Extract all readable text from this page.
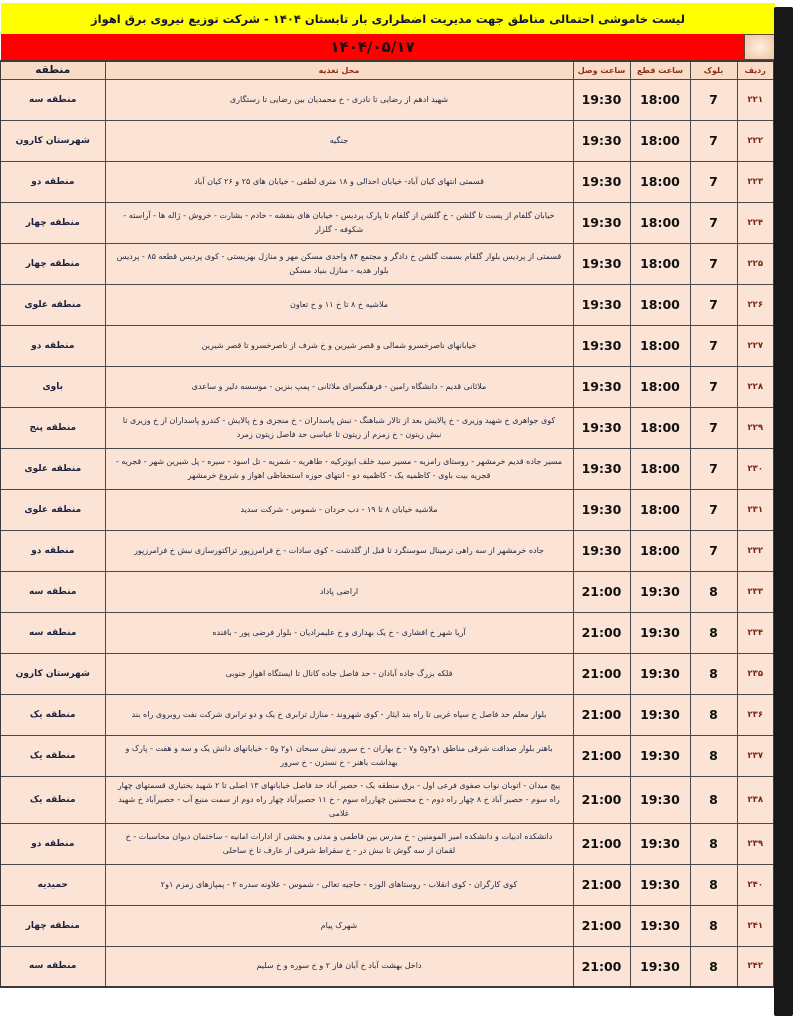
لیست خاموشی احتمالی مناطق جهت مدیریت اضطراری بار تابستان ۱۴۰۴ - شرکت توزیع نیروی برق اهواز
۱۴۰۴/۰۵/۱۷
ردیف	بلوک	ساعت قطع	ساعت وصل	محل تغذیه	منطقه
۲۲۱	7	18:00	19:30	شهید ادهم از رضایی تا نادری - خ محمدیان بین رضایی تا رستگاری	منطقه سه
۲۲۲	7	18:00	19:30	جنگیه	شهرستان کارون
۲۲۳	7	18:00	19:30	قسمتی انتهای کیان آباد- خیابان احدالی و ۱۸ متری لطفی - خیابان های ۲۵ و ۲۶ کیان آباد	منطقه دو
۲۲۴	7	18:00	19:30	خیابان گلفام از پست تا گلشن - خ گلشن از گلفام تا پارک پردیس - خیابان های بنفشه - خادم - بشارت - خروش - ژاله ها - آراسته - شکوفه - گلزار	منطقه چهار
۲۲۵	7	18:00	19:30	قسمتی از پردیس بلوار گلفام بسمت گلشن خ دادگر و مجتمع ۸۴ واحدی مسکن مهر و منازل بهزیستی - کوی پردیس قطعه ۸۵ - پردیس بلوار هدیه - منازل بنیاد مسکن	منطقه چهار
۲۲۶	7	18:00	19:30	ملاشیه خ ۸ تا خ ۱۱ و خ تعاون	منطقه علوی
۲۲۷	7	18:00	19:30	خیابانهای ناصرخسرو شمالی و قصر شیرین و خ شرف از ناصرخسرو تا قصر شیرین	منطقه دو
۲۲۸	7	18:00	19:30	ملاثانی قدیم - دانشگاه رامین - فرهنگسرای ملاثانی - پمپ بنزین - موسسه دلیر و ساعدی	باوی
۲۲۹	7	18:00	19:30	کوی جواهری خ شهید وزیری - خ پالایش بعد از تالار شباهنگ - نبش پاسداران - خ منجزی و خ پالایش - کندرو پاسداران از خ وزیری تا نبش زیتون - خ زمزم از زیتون تا عباسی حد فاصل زیتون زمرد	منطقه پنج
۲۳۰	7	18:00	19:30	مسیر جاده قدیم خرمشهر - روستای رامزیه - مسیر سید خلف ابوترکیه - طاهریه - شمریه - تل اسود - سیره - پل شیرین شهر - قجریه - قجریه بیت باوی - کاظمیه یک - کاظمیه دو - انتهای حوزه استحفاظی اهواز و شروع خرمشهر	منطقه علوی
۲۳۱	7	18:00	19:30	ملاشیه خیابان ۸ تا ۱۹ - دب حردان - شموس - شرکت سدید	منطقه علوی
۲۳۲	7	18:00	19:30	جاده خرمشهر از سه راهی ترمینال سوسنگرد تا قبل از گلدشت - کوی سادات - خ فرامرزپور تراکتورسازی نبش خ فرامرزپور	منطقه دو
۲۳۳	8	19:30	21:00	اراضی پاداد	منطقه سه
۲۳۴	8	19:30	21:00	آریا شهر خ افشاری - خ یک بهداری و خ علیمرادیان - بلوار فرضی پور - بافنده	منطقه سه
۲۳۵	8	19:30	21:00	فلکه بزرگ جاده آبادان - حد فاصل جاده کانال تا ایستگاه اهواز جنوبی	شهرستان کارون
۲۳۶	8	19:30	21:00	بلوار معلم حد فاصل خ سپاه غربی تا راه بند ایثار - کوی شهروند - منازل ترابری خ یک و دو ترابری شرکت نفت روبروی راه بند	منطقه یک
۲۳۷	8	19:30	21:00	باهنر بلوار صداقت شرقی مناطق ۱و۳و۵ و۷ - خ بهاران - خ سرور نبش سبحان ۱و۲ و۵ - خیابانهای دانش یک و سه و هفت - پارک و بهداشت باهنر - خ نسترن - خ سرور	منطقه یک
۲۳۸	8	19:30	21:00	پیچ میدان - اتوبان نواب صفوی فرعی اول - برق منطقه یک - حصیر آباد حد فاصل خیابانهای ۱۳ اصلی تا ۲ شهید بختیاری قسمتهای چهار راه سوم - حصیر آباد خ ۸ چهار راه دوم - خ محسنین چهارراه سوم - خ ۱۱ حصیرآباد چهار راه دوم از سمت منبع آب - حصیرآباد خ شهید غلامی	منطقه یک
۲۳۹	8	19:30	21:00	دانشکده ادبیات و دانشکده امیر المومنین - خ مدرس بین فاطمی و مدنی و بخشی از ادارات امانیه - ساختمان دیوان محاسبات - خ لقمان از سه گوش تا نبش در - خ سقراط شرقی از عارف تا خ ساحلی	منطقه دو
۲۴۰	8	19:30	21:00	کوی کارگران - کوی انقلاب - روستاهای الوزه - حاجیه تعالی - شموس - علاونه سدره ۲ - پمپازهای زمزم ۱و۲	حمیدیه
۲۴۱	8	19:30	21:00	شهرک پیام	منطقه چهار
۲۴۲	8	19:30	21:00	داخل بهشت آباد خ آبان فاز ۲ و خ سوره و خ سلیم	منطقه سه
